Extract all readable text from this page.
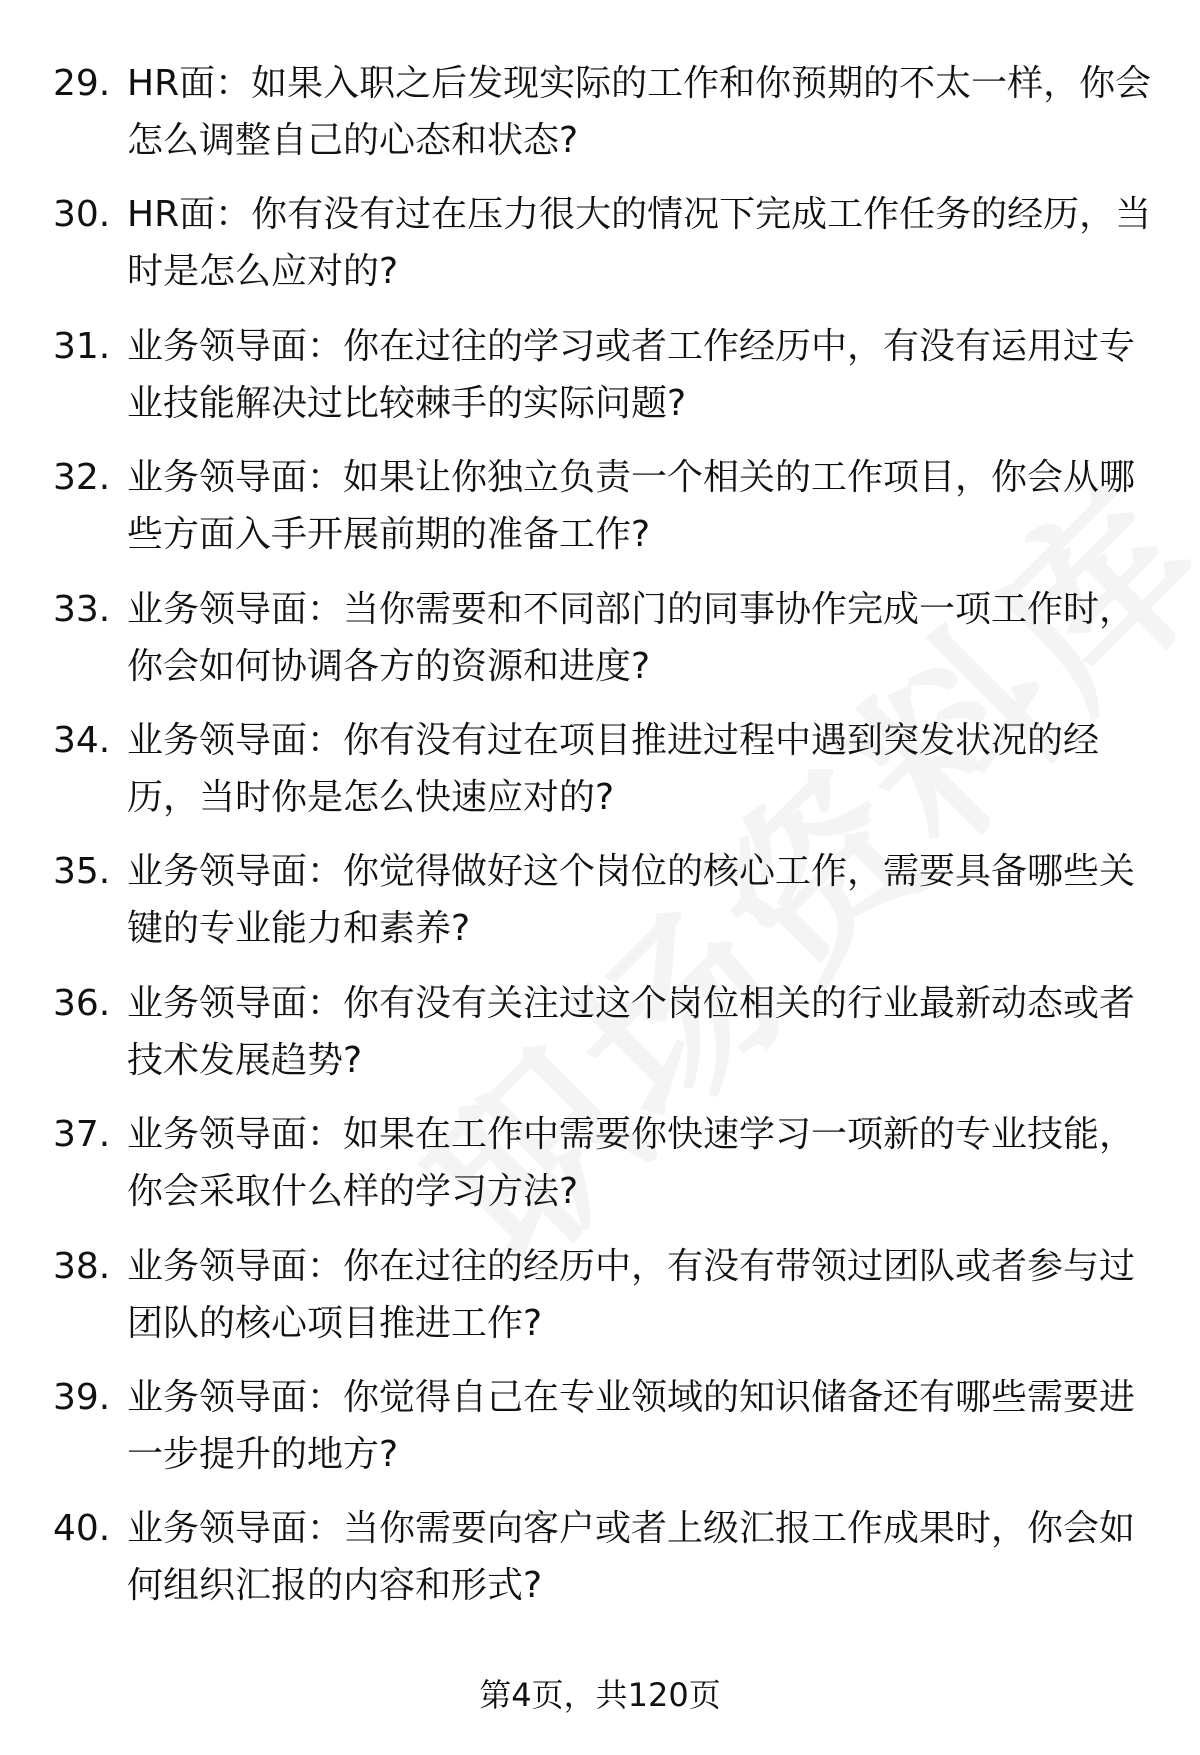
29. HR面：如果入职之后发现实际的工作和你预期的不太一样，你会怎么调整自己的心态和状态?
30. HR面：你有没有过在压力很大的情况下完成工作任务的经历，当时是怎么应对的?
31. 业务领导面：你在过往的学习或者工作经历中，有没有运用过专业技能解决过比较棘手的实际问题?
32. 业务领导面：如果让你独立负责一个相关的工作项目，你会从哪些方面入手开展前期的准备工作?
33. 业务领导面：当你需要和不同部门的同事协作完成一项工作时，你会如何协调各方的资源和进度?
34. 业务领导面：你有没有过在项目推进过程中遇到突发状况的经历，当时你是怎么快速应对的?
35. 业务领导面：你觉得做好这个岗位的核心工作，需要具备哪些关键的专业能力和素养?
36. 业务领导面：你有没有关注过这个岗位相关的行业最新动态或者技术发展趋势?
37. 业务领导面：如果在工作中需要你快速学习一项新的专业技能，你会采取什么样的学习方法?
38. 业务领导面：你在过往的经历中，有没有带领过团队或者参与过团队的核心项目推进工作?
39. 业务领导面：你觉得自己在专业领域的知识储备还有哪些需要进一步提升的地方?
40. 业务领导面：当你需要向客户或者上级汇报工作成果时，你会如何组织汇报的内容和形式?
第4页，共120页
